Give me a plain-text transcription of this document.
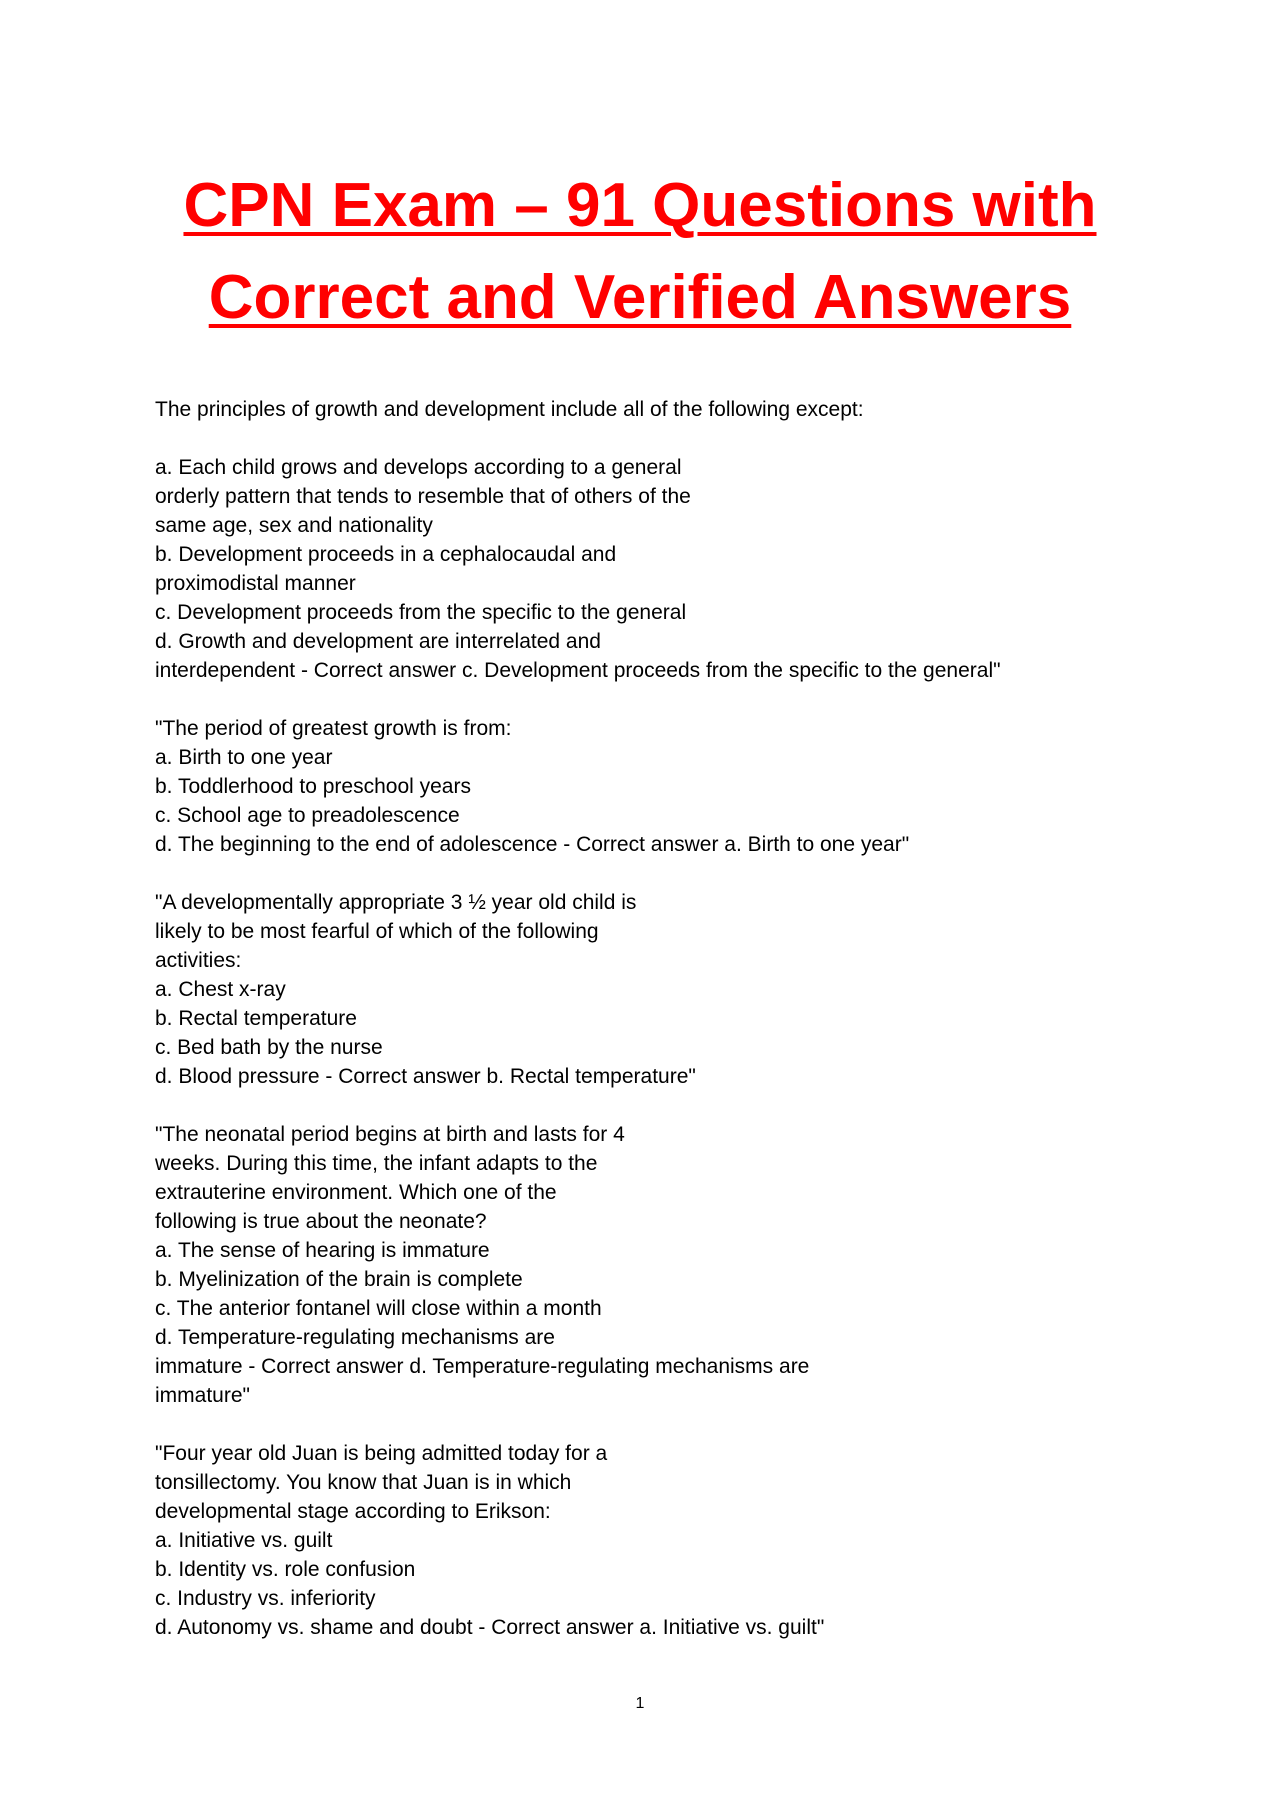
CPN Exam – 91 Questions with
Correct and Verified Answers
The principles of growth and development include all of the following except:
a. Each child grows and develops according to a general
orderly pattern that tends to resemble that of others of the
same age, sex and nationality
b. Development proceeds in a cephalocaudal and
proximodistal manner
c. Development proceeds from the specific to the general
d. Growth and development are interrelated and
interdependent - Correct answer c. Development proceeds from the specific to the general"
"The period of greatest growth is from:
a. Birth to one year
b. Toddlerhood to preschool years
c. School age to preadolescence
d. The beginning to the end of adolescence - Correct answer a. Birth to one year"
"A developmentally appropriate 3 ½ year old child is
likely to be most fearful of which of the following
activities:
a. Chest x-ray
b. Rectal temperature
c. Bed bath by the nurse
d. Blood pressure - Correct answer b. Rectal temperature"
"The neonatal period begins at birth and lasts for 4
weeks. During this time, the infant adapts to the
extrauterine environment. Which one of the
following is true about the neonate?
a. The sense of hearing is immature
b. Myelinization of the brain is complete
c. The anterior fontanel will close within a month
d. Temperature-regulating mechanisms are
immature - Correct answer d. Temperature-regulating mechanisms are
immature"
"Four year old Juan is being admitted today for a
tonsillectomy. You know that Juan is in which
developmental stage according to Erikson:
a. Initiative vs. guilt
b. Identity vs. role confusion
c. Industry vs. inferiority
d. Autonomy vs. shame and doubt - Correct answer a. Initiative vs. guilt"
1
